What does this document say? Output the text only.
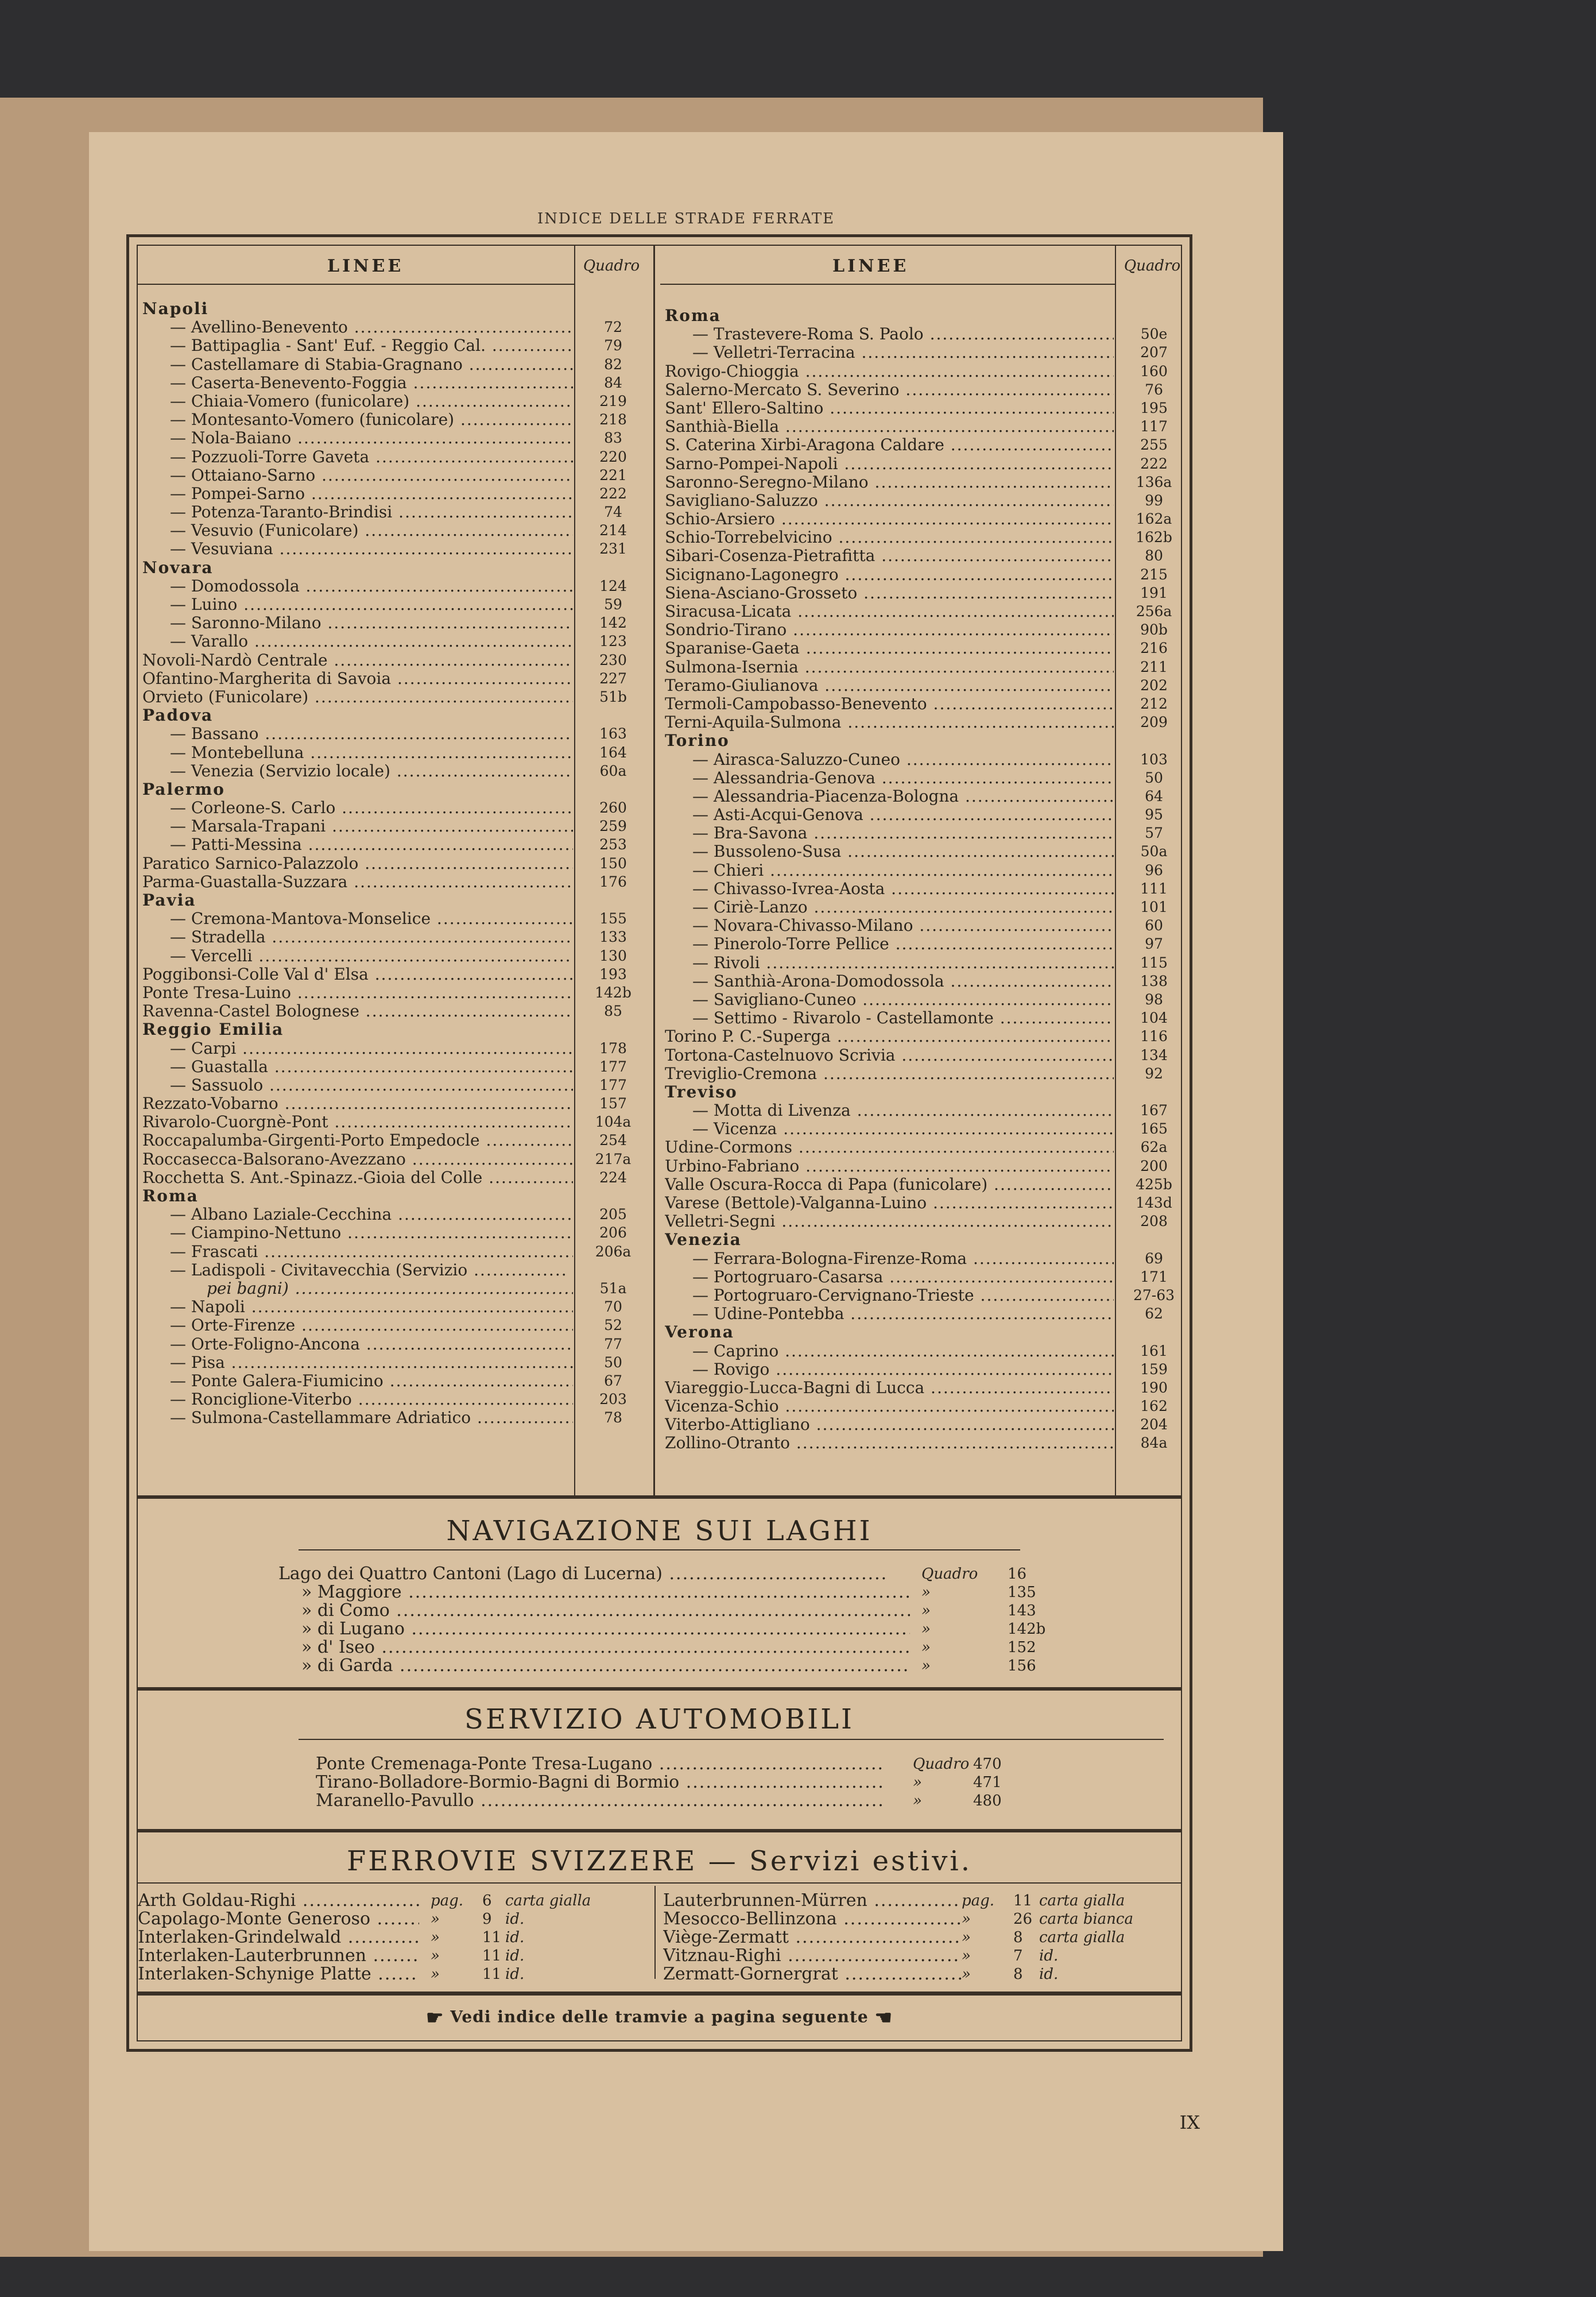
INDICE DELLE STRADE FERRATE
LINEE	Quadro
Napoli
— Avellino-Benevento .....	72
— Battipaglia - Sant' Euf. - Reggio Cal. .....	79
— Castellamare di Stabia-Gragnano .....	82
— Caserta-Benevento-Foggia .....	84
— Chiaia-Vomero (funicolare) .....	219
— Montesanto-Vomero (funicolare) .....	218
— Nola-Baiano .....	83
— Pozzuoli-Torre Gaveta .....	220
— Ottaiano-Sarno .....	221
— Pompei-Sarno .....	222
— Potenza-Taranto-Brindisi .....	74
— Vesuvio (Funicolare) .....	214
— Vesuviana .....	231
Novara
— Domodossola .....	124
— Luino .....	59
— Saronno-Milano .....	142
— Varallo .....	123
Novoli-Nardò Centrale .....	230
Ofantino-Margherita di Savoia .....	227
Orvieto (Funicolare) .....	51b
Padova
— Bassano .....	163
— Montebelluna .....	164
— Venezia (Servizio locale) .....	60a
Palermo
— Corleone-S. Carlo .....	260
— Marsala-Trapani .....	259
— Patti-Messina .....	253
Paratico Sarnico-Palazzolo .....	150
Parma-Guastalla-Suzzara .....	176
Pavia
— Cremona-Mantova-Monselice .....	155
— Stradella .....	133
— Vercelli .....	130
Poggibonsi-Colle Val d' Elsa .....	193
Ponte Tresa-Luino .....	142b
Ravenna-Castel Bolognese .....	85
Reggio Emilia
— Carpi .....	178
— Guastalla .....	177
— Sassuolo .....	177
Rezzato-Vobarno .....	157
Rivarolo-Cuorgnè-Pont .....	104a
Roccapalumba-Girgenti-Porto Empedocle .....	254
Roccasecca-Balsorano-Avezzano .....	217a
Rocchetta S. Ant.-Spinazz.-Gioia del Colle .....	224
Roma
— Albano Laziale-Cecchina .....	205
— Ciampino-Nettuno .....	206
— Frascati .....	206a
— Ladispoli - Civitavecchia (Servizio .....
pei bagni) .....	51a
— Napoli .....	70
— Orte-Firenze .....	52
— Orte-Foligno-Ancona .....	77
— Pisa .....	50
— Ponte Galera-Fiumicino .....	67
— Ronciglione-Viterbo .....	203
— Sulmona-Castellammare Adriatico .....	78
LINEE	Quadro
Roma
— Trastevere-Roma S. Paolo .....	50e
— Velletri-Terracina .....	207
Rovigo-Chioggia .....	160
Salerno-Mercato S. Severino .....	76
Sant' Ellero-Saltino .....	195
Santhià-Biella .....	117
S. Caterina Xirbi-Aragona Caldare .....	255
Sarno-Pompei-Napoli .....	222
Saronno-Seregno-Milano .....	136a
Savigliano-Saluzzo .....	99
Schio-Arsiero .....	162a
Schio-Torrebelvicino .....	162b
Sibari-Cosenza-Pietrafitta .....	80
Sicignano-Lagonegro .....	215
Siena-Asciano-Grosseto .....	191
Siracusa-Licata .....	256a
Sondrio-Tirano .....	90b
Sparanise-Gaeta .....	216
Sulmona-Isernia .....	211
Teramo-Giulianova .....	202
Termoli-Campobasso-Benevento .....	212
Terni-Aquila-Sulmona .....	209
Torino
— Airasca-Saluzzo-Cuneo .....	103
— Alessandria-Genova .....	50
— Alessandria-Piacenza-Bologna .....	64
— Asti-Acqui-Genova .....	95
— Bra-Savona .....	57
— Bussoleno-Susa .....	50a
— Chieri .....	96
— Chivasso-Ivrea-Aosta .....	111
— Ciriè-Lanzo .....	101
— Novara-Chivasso-Milano .....	60
— Pinerolo-Torre Pellice .....	97
— Rivoli .....	115
— Santhià-Arona-Domodossola .....	138
— Savigliano-Cuneo .....	98
— Settimo - Rivarolo - Castellamonte .....	104
Torino P. C.-Superga .....	116
Tortona-Castelnuovo Scrivia .....	134
Treviglio-Cremona .....	92
Treviso
— Motta di Livenza .....	167
— Vicenza .....	165
Udine-Cormons .....	62a
Urbino-Fabriano .....	200
Valle Oscura-Rocca di Papa (funicolare) .....	425b
Varese (Bettole)-Valganna-Luino .....	143d
Velletri-Segni .....	208
Venezia
— Ferrara-Bologna-Firenze-Roma .....	69
— Portogruaro-Casarsa .....	171
— Portogruaro-Cervignano-Trieste .....	27-63
— Udine-Pontebba .....	62
Verona
— Caprino .....	161
— Rovigo .....	159
Viareggio-Lucca-Bagni di Lucca .....	190
Vicenza-Schio .....	162
Viterbo-Attigliano .....	204
Zollino-Otranto .....	84a
NAVIGAZIONE SUI LAGHI
Lago dei Quattro Cantoni (Lago di Lucerna) .....	Quadro 16
» Maggiore .....	»	135
» di Como .....	»	143
» di Lugano .....	»	142b
» d' Iseo .....	»	152
» di Garda .....	»	156
SERVIZIO AUTOMOBILI
Ponte Cremenaga-Ponte Tresa-Lugano .....	Quadro 470
Tirano-Bolladore-Bormio-Bagni di Bormio .....	»	471
Maranello-Pavullo .....	»	480
FERROVIE SVIZZERE — Servizi estivi.
Arth Goldau-Righi .....	pag. 6 carta gialla
Capolago-Monte Generoso .....	»	9 id.
Interlaken-Grindelwald .....	»	11 id.
Interlaken-Lauterbrunnen .....	»	11 id.
Interlaken-Schynige Platte .....	»	11 id.
Lauterbrunnen-Mürren .....	pag. 11 carta gialla
Mesocco-Bellinzona .....	»	26 carta bianca
Viège-Zermatt .....	»	8 carta gialla
Vitznau-Righi .....	»	7 id.
Zermatt-Gornergrat .....	»	8 id.
☛ Vedi indice delle tramvie a pagina seguente ☚
IX
